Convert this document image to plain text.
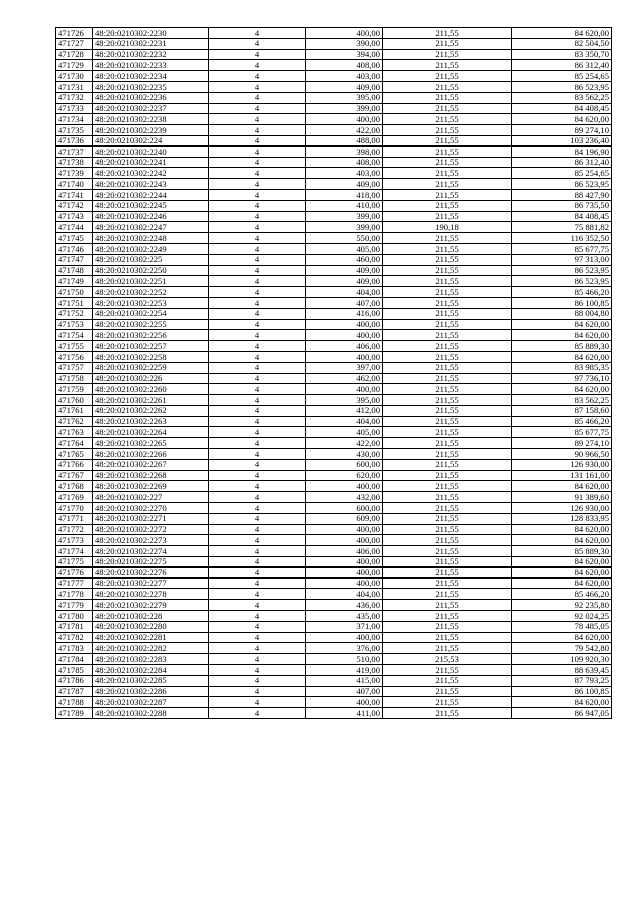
471726	48:20:0210302:2230	4	400,00	211,55	84 620,00
471727	48:20:0210302:2231	4	390,00	211,55	82 504,50
471728	48:20:0210302:2232	4	394,00	211,55	83 350,70
471729	48:20:0210302:2233	4	408,00	211,55	86 312,40
471730	48:20:0210302:2234	4	403,00	211,55	85 254,65
471731	48:20:0210302:2235	4	409,00	211,55	86 523,95
471732	48:20:0210302:2236	4	395,00	211,55	83 562,25
471733	48:20:0210302:2237	4	399,00	211,55	84 408,45
471734	48:20:0210302:2238	4	400,00	211,55	84 620,00
471735	48:20:0210302:2239	4	422,00	211,55	89 274,10
471736	48:20:0210302:224	4	488,00	211,55	103 236,40
471737	48:20:0210302:2240	4	398,00	211,55	84 196,90
471738	48:20:0210302:2241	4	408,00	211,55	86 312,40
471739	48:20:0210302:2242	4	403,00	211,55	85 254,65
471740	48:20:0210302:2243	4	409,00	211,55	86 523,95
471741	48:20:0210302:2244	4	418,00	211,55	88 427,90
471742	48:20:0210302:2245	4	410,00	211,55	86 735,50
471743	48:20:0210302:2246	4	399,00	211,55	84 408,45
471744	48:20:0210302:2247	4	399,00	190,18	75 881,82
471745	48:20:0210302:2248	4	550,00	211,55	116 352,50
471746	48:20:0210302:2249	4	405,00	211,55	85 677,75
471747	48:20:0210302:225	4	460,00	211,55	97 313,00
471748	48:20:0210302:2250	4	409,00	211,55	86 523,95
471749	48:20:0210302:2251	4	409,00	211,55	86 523,95
471750	48:20:0210302:2252	4	404,00	211,55	85 466,20
471751	48:20:0210302:2253	4	407,00	211,55	86 100,85
471752	48:20:0210302:2254	4	416,00	211,55	88 004,80
471753	48:20:0210302:2255	4	400,00	211,55	84 620,00
471754	48:20:0210302:2256	4	400,00	211,55	84 620,00
471755	48:20:0210302:2257	4	406,00	211,55	85 889,30
471756	48:20:0210302:2258	4	400,00	211,55	84 620,00
471757	48:20:0210302:2259	4	397,00	211,55	83 985,35
471758	48:20:0210302:226	4	462,00	211,55	97 736,10
471759	48:20:0210302:2260	4	400,00	211,55	84 620,00
471760	48:20:0210302:2261	4	395,00	211,55	83 562,25
471761	48:20:0210302:2262	4	412,00	211,55	87 158,60
471762	48:20:0210302:2263	4	404,00	211,55	85 466,20
471763	48:20:0210302:2264	4	405,00	211,55	85 677,75
471764	48:20:0210302:2265	4	422,00	211,55	89 274,10
471765	48:20:0210302:2266	4	430,00	211,55	90 966,50
471766	48:20:0210302:2267	4	600,00	211,55	126 930,00
471767	48:20:0210302:2268	4	620,00	211,55	131 161,00
471768	48:20:0210302:2269	4	400,00	211,55	84 620,00
471769	48:20:0210302:227	4	432,00	211,55	91 389,60
471770	48:20:0210302:2270	4	600,00	211,55	126 930,00
471771	48:20:0210302:2271	4	609,00	211,55	128 833,95
471772	48:20:0210302:2272	4	400,00	211,55	84 620,00
471773	48:20:0210302:2273	4	400,00	211,55	84 620,00
471774	48:20:0210302:2274	4	406,00	211,55	85 889,30
471775	48:20:0210302:2275	4	400,00	211,55	84 620,00
471776	48:20:0210302:2276	4	400,00	211,55	84 620,00
471777	48:20:0210302:2277	4	400,00	211,55	84 620,00
471778	48:20:0210302:2278	4	404,00	211,55	85 466,20
471779	48:20:0210302:2279	4	436,00	211,55	92 235,80
471780	48:20:0210302:228	4	435,00	211,55	92 024,25
471781	48:20:0210302:2280	4	371,00	211,55	78 485,05
471782	48:20:0210302:2281	4	400,00	211,55	84 620,00
471783	48:20:0210302:2282	4	376,00	211,55	79 542,80
471784	48:20:0210302:2283	4	510,00	215,53	109 920,30
471785	48:20:0210302:2284	4	419,00	211,55	88 639,45
471786	48:20:0210302:2285	4	415,00	211,55	87 793,25
471787	48:20:0210302:2286	4	407,00	211,55	86 100,85
471788	48:20:0210302:2287	4	400,00	211,55	84 620,00
471789	48:20:0210302:2288	4	411,00	211,55	86 947,05
